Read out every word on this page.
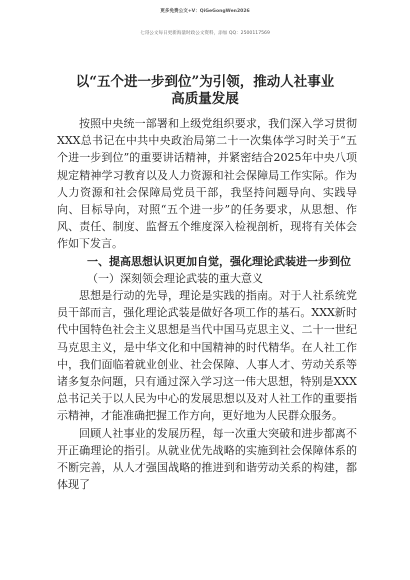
更多免费公文+V：QiGeGongWen2026
七哥公文每日更新海量时政公文资料，添加 QQ：2500117569
以“五个进一步到位”为引领，推动人社事业
高质量发展

按照中央统一部署和上级党组织要求，我们深入学习贯彻XXX总书记在中共中央政治局第二十一次集体学习时关于“五个进一步到位”的重要讲话精神，并紧密结合2025年中央八项规定精神学习教育以及人力资源和社会保障局工作实际。作为人力资源和社会保障局党员干部，我坚持问题导向、实践导向、目标导向，对照“五个进一步”的任务要求，从思想、作风、责任、制度、监督五个维度深入检视剖析，现将有关体会作如下发言。

一、提高思想认识更加自觉，强化理论武装进一步到位

（一）深刻领会理论武装的重大意义

思想是行动的先导，理论是实践的指南。对于人社系统党员干部而言，强化理论武装是做好各项工作的基石。XXX新时代中国特色社会主义思想是当代中国马克思主义、二十一世纪马克思主义，是中华文化和中国精神的时代精华。在人社工作中，我们面临着就业创业、社会保障、人事人才、劳动关系等诸多复杂问题，只有通过深入学习这一伟大思想，特别是XXX总书记关于以人民为中心的发展思想以及对人社工作的重要指示精神，才能准确把握工作方向，更好地为人民群众服务。

回顾人社事业的发展历程，每一次重大突破和进步都离不开正确理论的指引。从就业优先战略的实施到社会保障体系的不断完善，从人才强国战略的推进到和谐劳动关系的构建，都体现了
